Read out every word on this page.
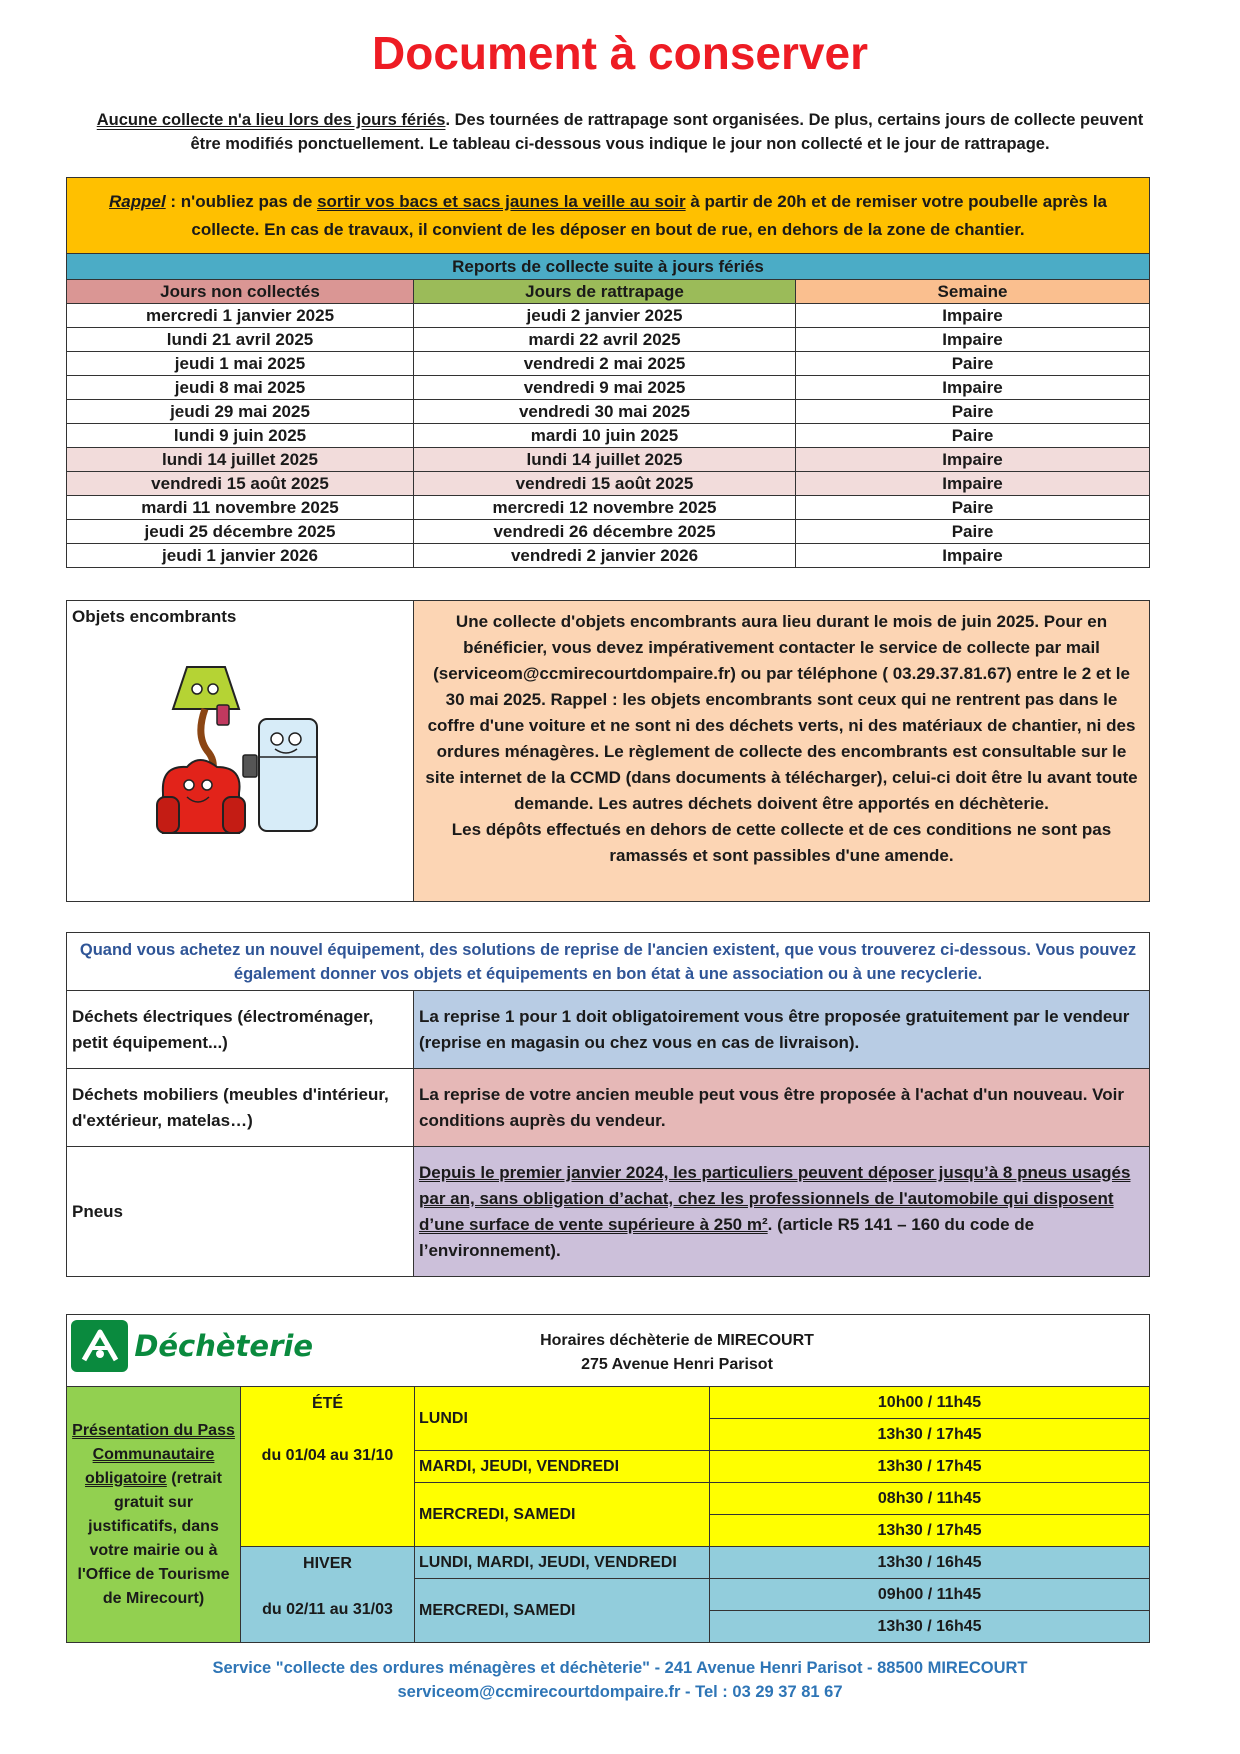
Document à conserver
Aucune collecte n'a lieu lors des jours fériés. Des tournées de rattrapage sont organisées. De plus, certains jours de collecte peuvent être modifiés ponctuellement. Le tableau ci-dessous vous indique le jour non collecté et le jour de rattrapage.
Rappel : n'oubliez pas de sortir vos bacs et sacs jaunes la veille au soir à partir de 20h et de remiser votre poubelle après la collecte. En cas de travaux, il convient de les déposer en bout de rue, en dehors de la zone de chantier.		
Reports de collecte suite à jours fériés		
Jours non collectés	Jours de rattrapage	Semaine
mercredi 1 janvier 2025	jeudi 2 janvier 2025	Impaire
lundi 21 avril 2025	mardi 22 avril 2025	Impaire
jeudi 1 mai 2025	vendredi 2 mai 2025	Paire
jeudi 8 mai 2025	vendredi 9 mai 2025	Impaire
jeudi 29 mai 2025	vendredi 30 mai 2025	Paire
lundi 9 juin 2025	mardi 10 juin 2025	Paire
lundi 14 juillet 2025	lundi 14 juillet 2025	Impaire
vendredi 15 août 2025	vendredi 15 août 2025	Impaire
mardi 11 novembre 2025	mercredi 12 novembre 2025	Paire
jeudi 25 décembre 2025	vendredi 26 décembre 2025	Paire
jeudi 1 janvier 2026	vendredi 2 janvier 2026	Impaire
Objets encombrants	Une collecte d'objets encombrants aura lieu durant le mois de juin 2025. Pour en bénéficier, vous devez impérativement contacter le service de collecte par mail (serviceom@ccmirecourtdompaire.fr) ou par téléphone ( 03.29.37.81.67) entre le 2 et le 30 mai 2025. Rappel : les objets encombrants sont ceux qui ne rentrent pas dans le coffre d'une voiture et ne sont ni des déchets verts, ni des matériaux de chantier, ni des ordures ménagères. Le règlement de collecte des encombrants est consultable sur le site internet de la CCMD (dans documents à télécharger), celui-ci doit être lu avant toute demande. Les autres déchets doivent être apportés en déchèterie.
Les dépôts effectués en dehors de cette collecte et de ces conditions ne sont pas ramassés et sont passibles d'une amende.
Quand vous achetez un nouvel équipement, des solutions de reprise de l'ancien existent, que vous trouverez ci-dessous. Vous pouvez également donner vos objets et équipements en bon état à une association ou à une recyclerie.	
Déchets électriques (électroménager, petit équipement...)	La reprise 1 pour 1 doit obligatoirement vous être proposée gratuitement par le vendeur (reprise en magasin ou chez vous en cas de livraison).
Déchets mobiliers (meubles d'intérieur, d'extérieur, matelas…)	La reprise de votre ancien meuble peut vous être proposée à l'achat d'un nouveau. Voir conditions auprès du vendeur.
Pneus	Depuis le premier janvier 2024, les particuliers peuvent déposer jusqu’à 8 pneus usagés par an, sans obligation d’achat, chez les professionnels de l'automobile qui disposent d’une surface de vente supérieure à 250 m². (article R5 141 – 160 du code de l’environnement).
Déchèterie Horaires déchèterie de MIRECOURT
275 Avenue Henri Parisot			

Présentation du Pass Communautaire obligatoire (retrait gratuit sur justificatifs, dans votre mairie ou à l'Office de Tourisme de Mirecourt)	ÉTÉ
du 01/04 au 31/10	LUNDI	10h00 / 11h45
			13h30 / 17h45
		MARDI, JEUDI, VENDREDI	13h30 / 17h45
		MERCREDI, SAMEDI	08h30 / 11h45
			13h30 / 17h45

	HIVER
du 02/11 au 31/03	LUNDI, MARDI, JEUDI, VENDREDI	13h30 / 16h45
		MERCREDI, SAMEDI	09h00 / 11h45
			13h30 / 16h45
Service "collecte des ordures ménagères et déchèterie" - 241 Avenue Henri Parisot - 88500 MIRECOURT
serviceom@ccmirecourtdompaire.fr - Tel : 03 29 37 81 67
